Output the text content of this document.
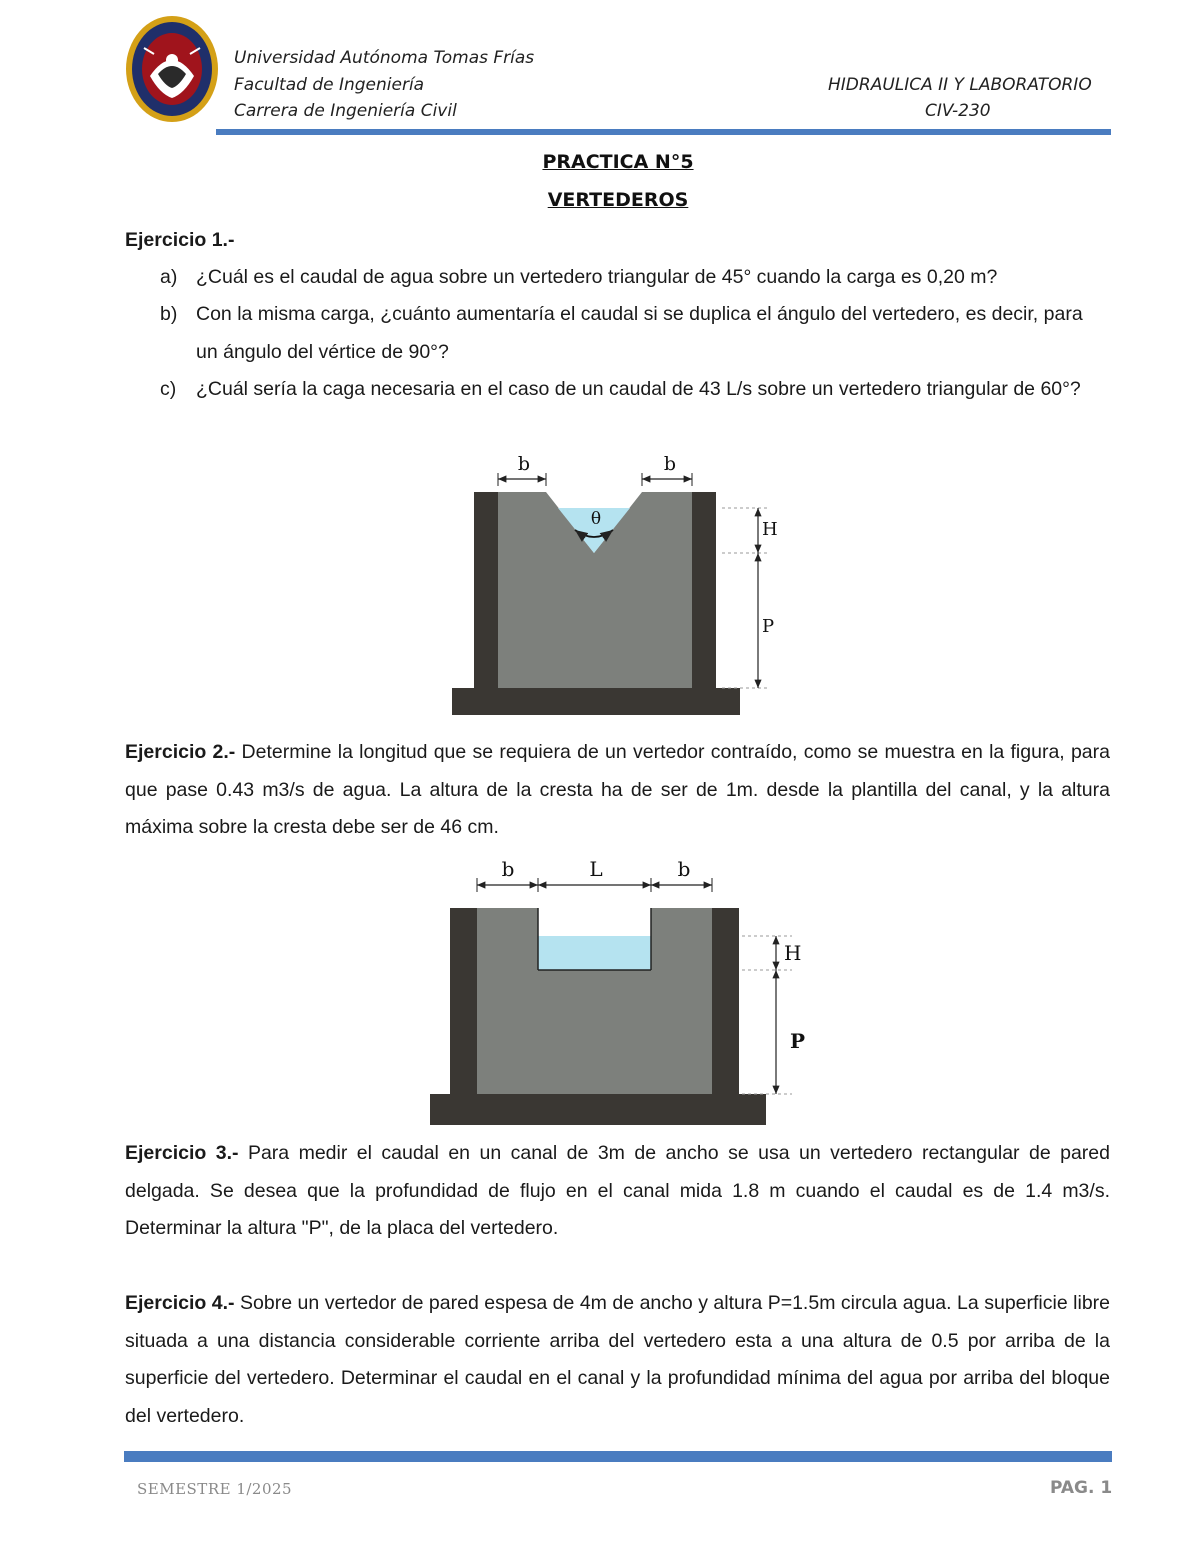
Universidad Autónoma Tomas Frías
Facultad de Ingeniería
Carrera de Ingeniería Civil
HIDRAULICA II Y LABORATORIO
CIV-230
PRACTICA N°5
VERTEDEROS
Ejercicio 1.-
a) ¿Cuál es el caudal de agua sobre un vertedero triangular de 45° cuando la carga es 0,20 m?
b) Con la misma carga, ¿cuánto aumentaría el caudal si se duplica el ángulo del vertedero, es decir, para un ángulo del vértice de 90°?
c) ¿Cuál sería la caga necesaria en el caso de un caudal de 43 L/s sobre un vertedero triangular de 60°?
b	b
θ	H
P
Ejercicio 2.- Determine la longitud que se requiera de un vertedor contraído, como se muestra en la figura, para que pase 0.43 m3/s de agua. La altura de la cresta ha de ser de 1m. desde la plantilla del canal, y la altura máxima sobre la cresta debe ser de 46 cm.
b	L	b
H
P
Ejercicio 3.- Para medir el caudal en un canal de 3m de ancho se usa un vertedero rectangular de pared delgada. Se desea que la profundidad de flujo en el canal mida 1.8 m cuando el caudal es de 1.4 m3/s. Determinar la altura "P", de la placa del vertedero.
Ejercicio 4.- Sobre un vertedor de pared espesa de 4m de ancho y altura P=1.5m circula agua. La superficie libre situada a una distancia considerable corriente arriba del vertedero esta a una altura de 0.5 por arriba de la superficie del vertedero. Determinar el caudal en el canal y la profundidad mínima del agua por arriba del bloque del vertedero.
SEMESTRE 1/2025	PAG. 1
